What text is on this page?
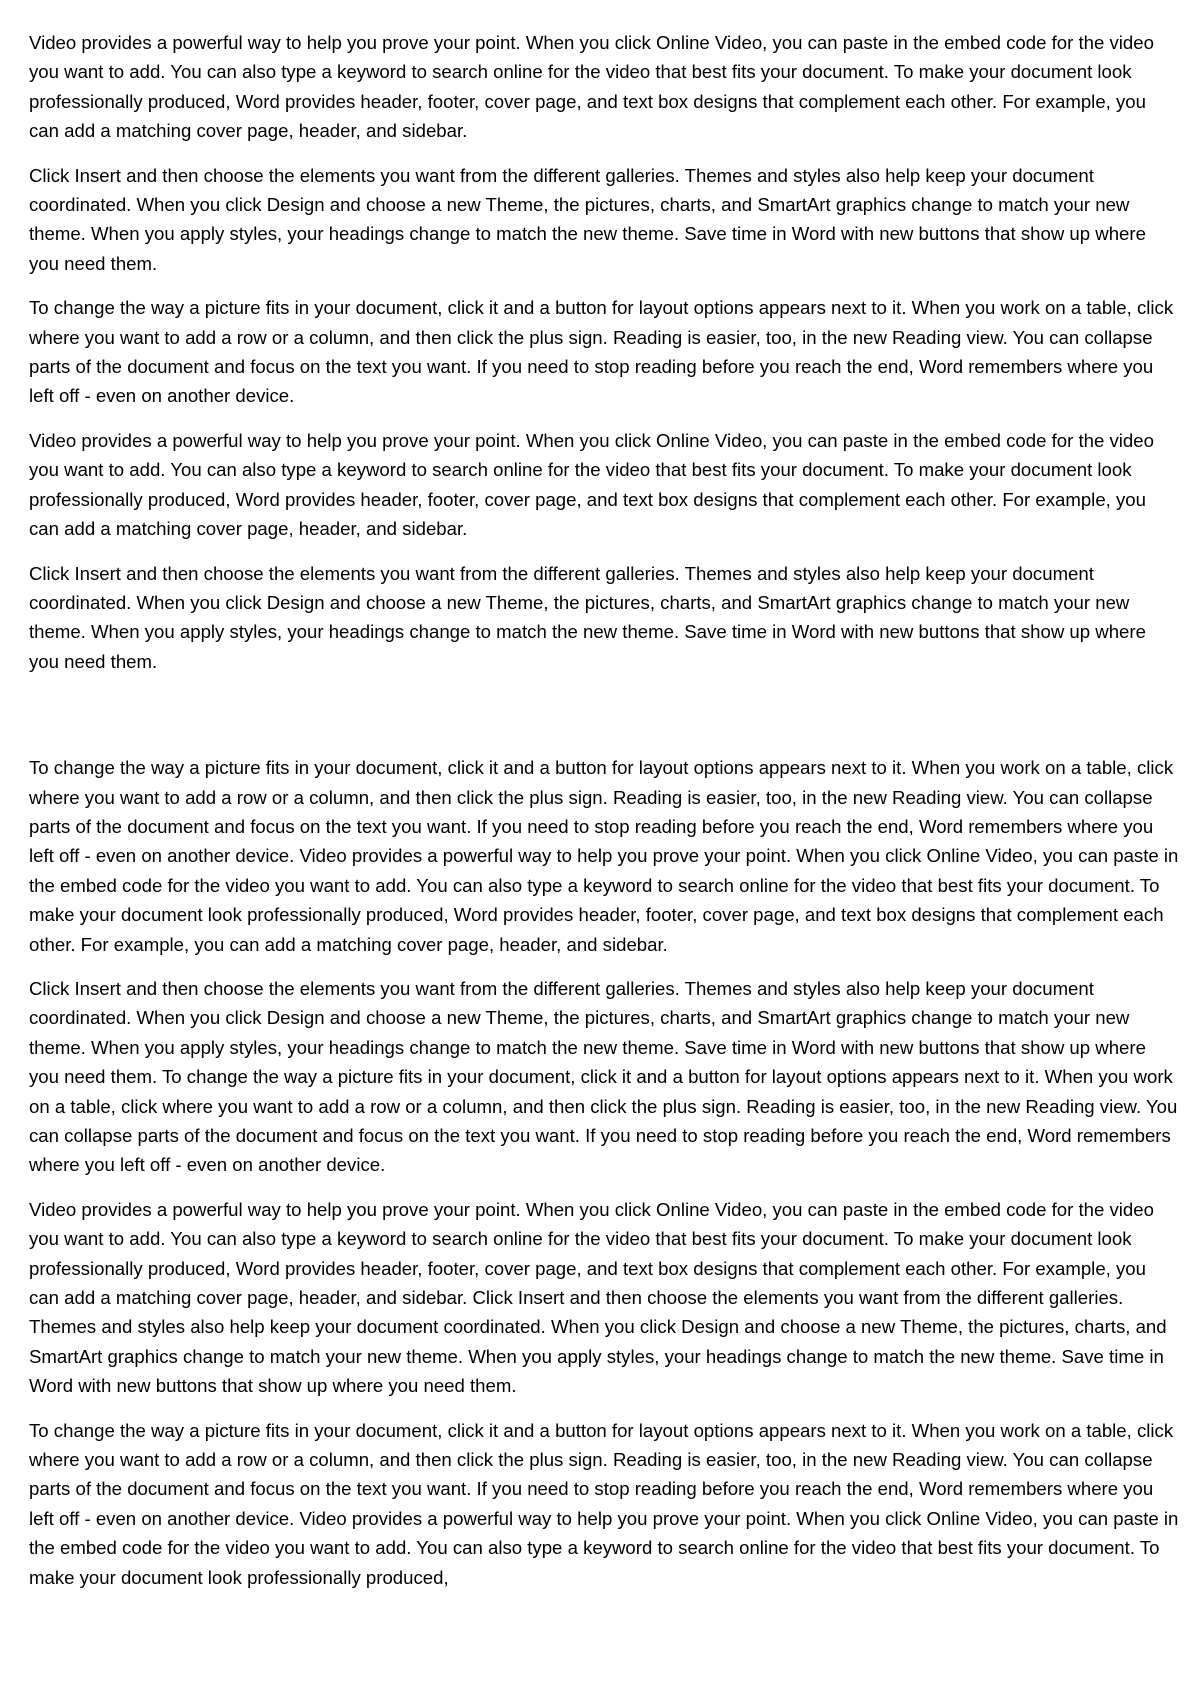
Video provides a powerful way to help you prove your point. When you click Online Video, you can paste in the embed code for the video you want to add. You can also type a keyword to search online for the video that best fits your document. To make your document look professionally produced, Word provides header, footer, cover page, and text box designs that complement each other. For example, you can add a matching cover page, header, and sidebar.

Click Insert and then choose the elements you want from the different galleries. Themes and styles also help keep your document coordinated. When you click Design and choose a new Theme, the pictures, charts, and SmartArt graphics change to match your new theme. When you apply styles, your headings change to match the new theme. Save time in Word with new buttons that show up where you need them.

To change the way a picture fits in your document, click it and a button for layout options appears next to it. When you work on a table, click where you want to add a row or a column, and then click the plus sign. Reading is easier, too, in the new Reading view. You can collapse parts of the document and focus on the text you want. If you need to stop reading before you reach the end, Word remembers where you left off - even on another device.

Video provides a powerful way to help you prove your point. When you click Online Video, you can paste in the embed code for the video you want to add. You can also type a keyword to search online for the video that best fits your document. To make your document look professionally produced, Word provides header, footer, cover page, and text box designs that complement each other. For example, you can add a matching cover page, header, and sidebar.

Click Insert and then choose the elements you want from the different galleries. Themes and styles also help keep your document coordinated. When you click Design and choose a new Theme, the pictures, charts, and SmartArt graphics change to match your new theme. When you apply styles, your headings change to match the new theme. Save time in Word with new buttons that show up where you need them.

To change the way a picture fits in your document, click it and a button for layout options appears next to it. When you work on a table, click where you want to add a row or a column, and then click the plus sign. Reading is easier, too, in the new Reading view. You can collapse parts of the document and focus on the text you want. If you need to stop reading before you reach the end, Word remembers where you left off - even on another device. Video provides a powerful way to help you prove your point. When you click Online Video, you can paste in the embed code for the video you want to add. You can also type a keyword to search online for the video that best fits your document. To make your document look professionally produced, Word provides header, footer, cover page, and text box designs that complement each other. For example, you can add a matching cover page, header, and sidebar.

Click Insert and then choose the elements you want from the different galleries. Themes and styles also help keep your document coordinated. When you click Design and choose a new Theme, the pictures, charts, and SmartArt graphics change to match your new theme. When you apply styles, your headings change to match the new theme. Save time in Word with new buttons that show up where you need them. To change the way a picture fits in your document, click it and a button for layout options appears next to it. When you work on a table, click where you want to add a row or a column, and then click the plus sign. Reading is easier, too, in the new Reading view. You can collapse parts of the document and focus on the text you want. If you need to stop reading before you reach the end, Word remembers where you left off - even on another device.

Video provides a powerful way to help you prove your point. When you click Online Video, you can paste in the embed code for the video you want to add. You can also type a keyword to search online for the video that best fits your document. To make your document look professionally produced, Word provides header, footer, cover page, and text box designs that complement each other. For example, you can add a matching cover page, header, and sidebar. Click Insert and then choose the elements you want from the different galleries. Themes and styles also help keep your document coordinated. When you click Design and choose a new Theme, the pictures, charts, and SmartArt graphics change to match your new theme. When you apply styles, your headings change to match the new theme. Save time in Word with new buttons that show up where you need them.

To change the way a picture fits in your document, click it and a button for layout options appears next to it. When you work on a table, click where you want to add a row or a column, and then click the plus sign. Reading is easier, too, in the new Reading view. You can collapse parts of the document and focus on the text you want. If you need to stop reading before you reach the end, Word remembers where you left off - even on another device. Video provides a powerful way to help you prove your point. When you click Online Video, you can paste in the embed code for the video you want to add. You can also type a keyword to search online for the video that best fits your document. To make your document look professionally produced,
